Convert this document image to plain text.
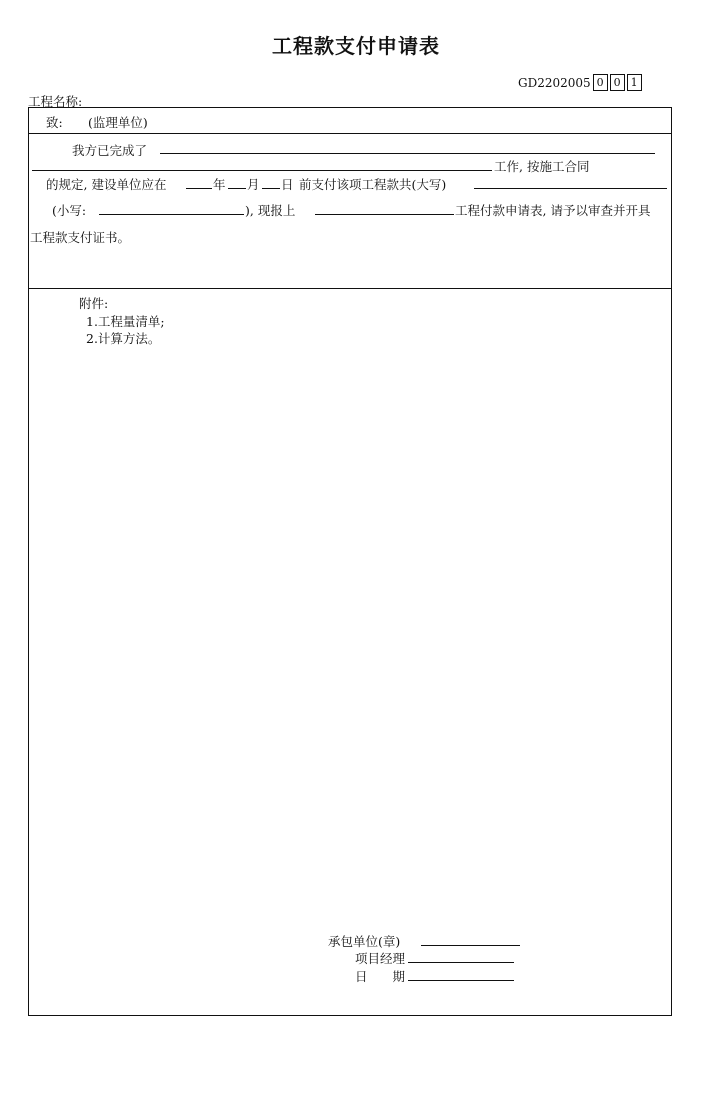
工程款支付申请表
GD2202005 0 0 1
工程名称:
致: (监理单位)
我方已完成了
工作, 按施工合同
的规定, 建设单位应在	年 月 日 前支付该项工程款共(大写)
(小写:	), 现报上	工程付款申请表, 请予以审查并开具
工程款支付证书。
附件:
1.工程量清单;
2.计算方法。
承包单位(章)
项目经理
日　　期
